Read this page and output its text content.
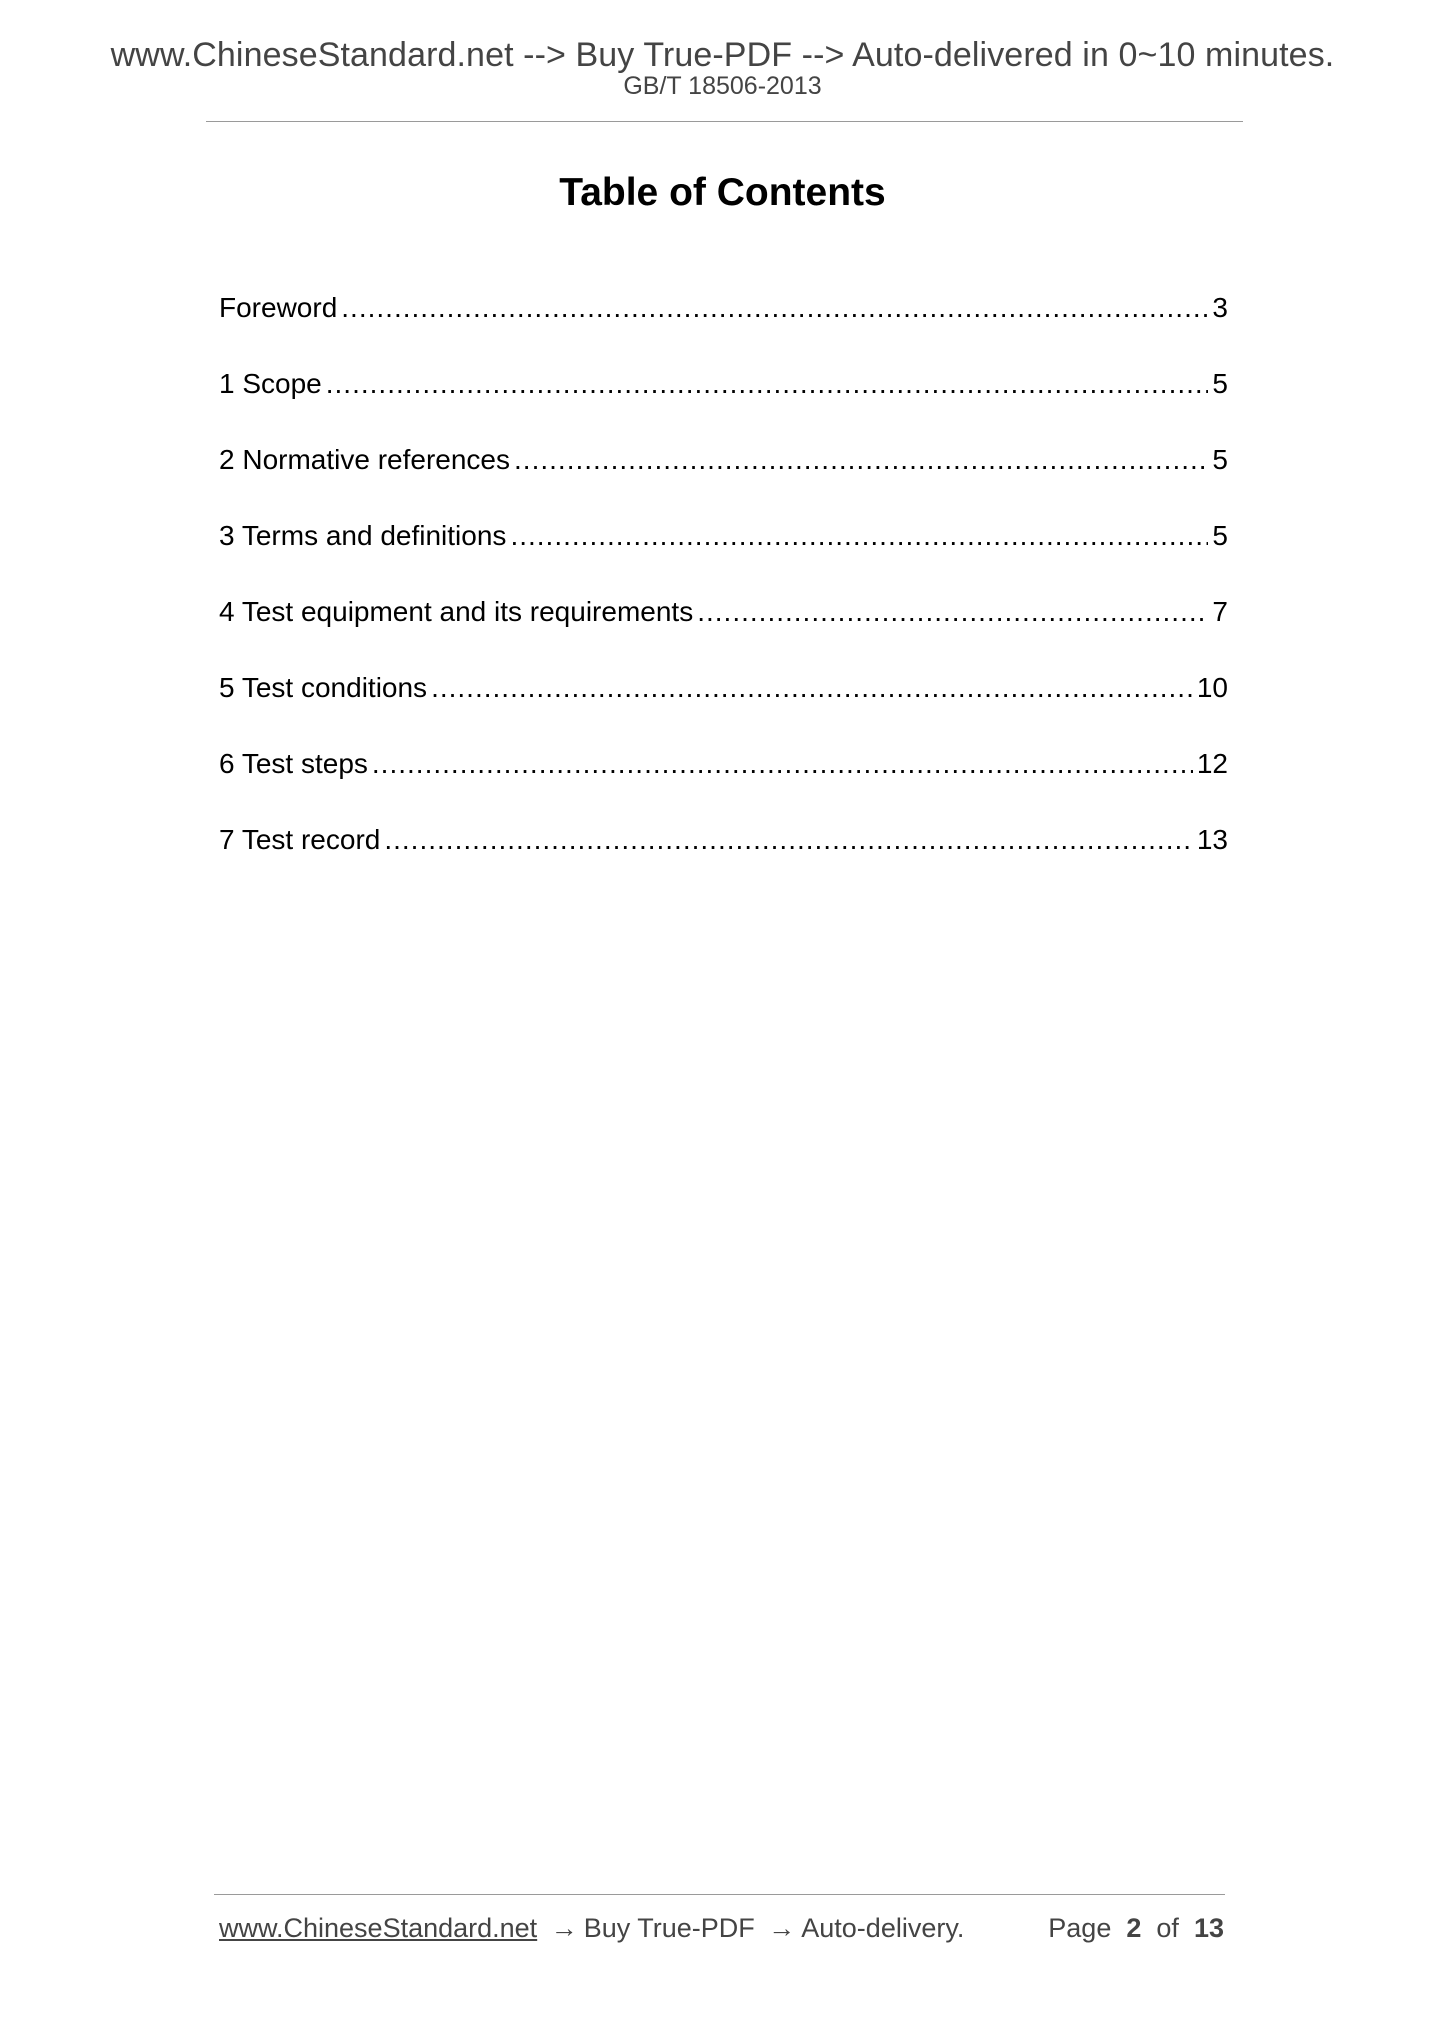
www.ChineseStandard.net --> Buy True-PDF --> Auto-delivered in 0~10 minutes.
GB/T 18506-2013
Table of Contents
Foreword .....	3
1 Scope .....	5
2 Normative references .....	5
3 Terms and definitions .....	5
4 Test equipment and its requirements .....	7
5 Test conditions .....	10
6 Test steps .....	12
7 Test record .....	13
www.ChineseStandard.net → Buy True-PDF → Auto-delivery.	Page 2 of 13
